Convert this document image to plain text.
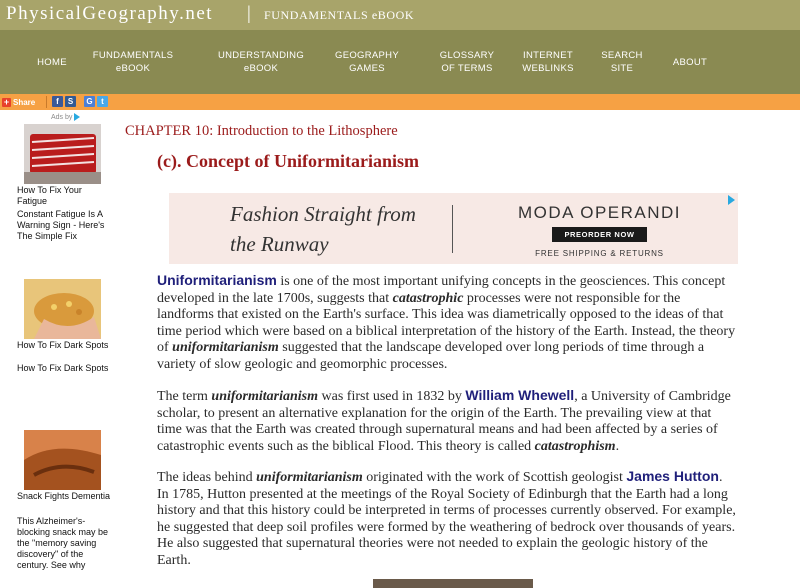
PhysicalGeography.net | FUNDAMENTALS eBOOK
HOME
FUNDAMENTALS
eBOOK
UNDERSTANDING
eBOOK
GEOGRAPHY
GAMES
GLOSSARY
OF TERMS
INTERNET
WEBLINKS
SEARCH
SITE
ABOUT
+ Share	f	S	G	t
Ads by
How To Fix Your Fatigue
Constant Fatigue Is A Warning Sign - Here's The Simple Fix
How To Fix Dark Spots
How To Fix Dark Spots
Snack Fights Dementia
This Alzheimer's-blocking snack may be the "memory saving discovery" of the century. See why
CHAPTER 10: Introduction to the Lithosphere
(c). Concept of Uniformitarianism
Fashion Straight from the Runway
MODA OPERANDI
PREORDER NOW
FREE SHIPPING & RETURNS

Uniformitarianism is one of the most important unifying concepts in the geosciences. This concept developed in the late 1700s, suggests that catastrophic processes were not responsible for the landforms that existed on the Earth's surface. This idea was diametrically opposed to the ideas of that time period which were based on a biblical interpretation of the history of the Earth. Instead, the theory of uniformitarianism suggested that the landscape developed over long periods of time through a variety of slow geologic and geomorphic processes.

The term uniformitarianism was first used in 1832 by William Whewell, a University of Cambridge scholar, to present an alternative explanation for the origin of the Earth. The prevailing view at that time was that the Earth was created through supernatural means and had been affected by a series of catastrophic events such as the biblical Flood. This theory is called catastrophism.

The ideas behind uniformitarianism originated with the work of Scottish geologist James Hutton. In 1785, Hutton presented at the meetings of the Royal Society of Edinburgh that the Earth had a long history and that this history could be interpreted in terms of processes currently observed. For example, he suggested that deep soil profiles were formed by the weathering of bedrock over thousands of years. He also suggested that supernatural theories were not needed to explain the geologic history of the Earth.
